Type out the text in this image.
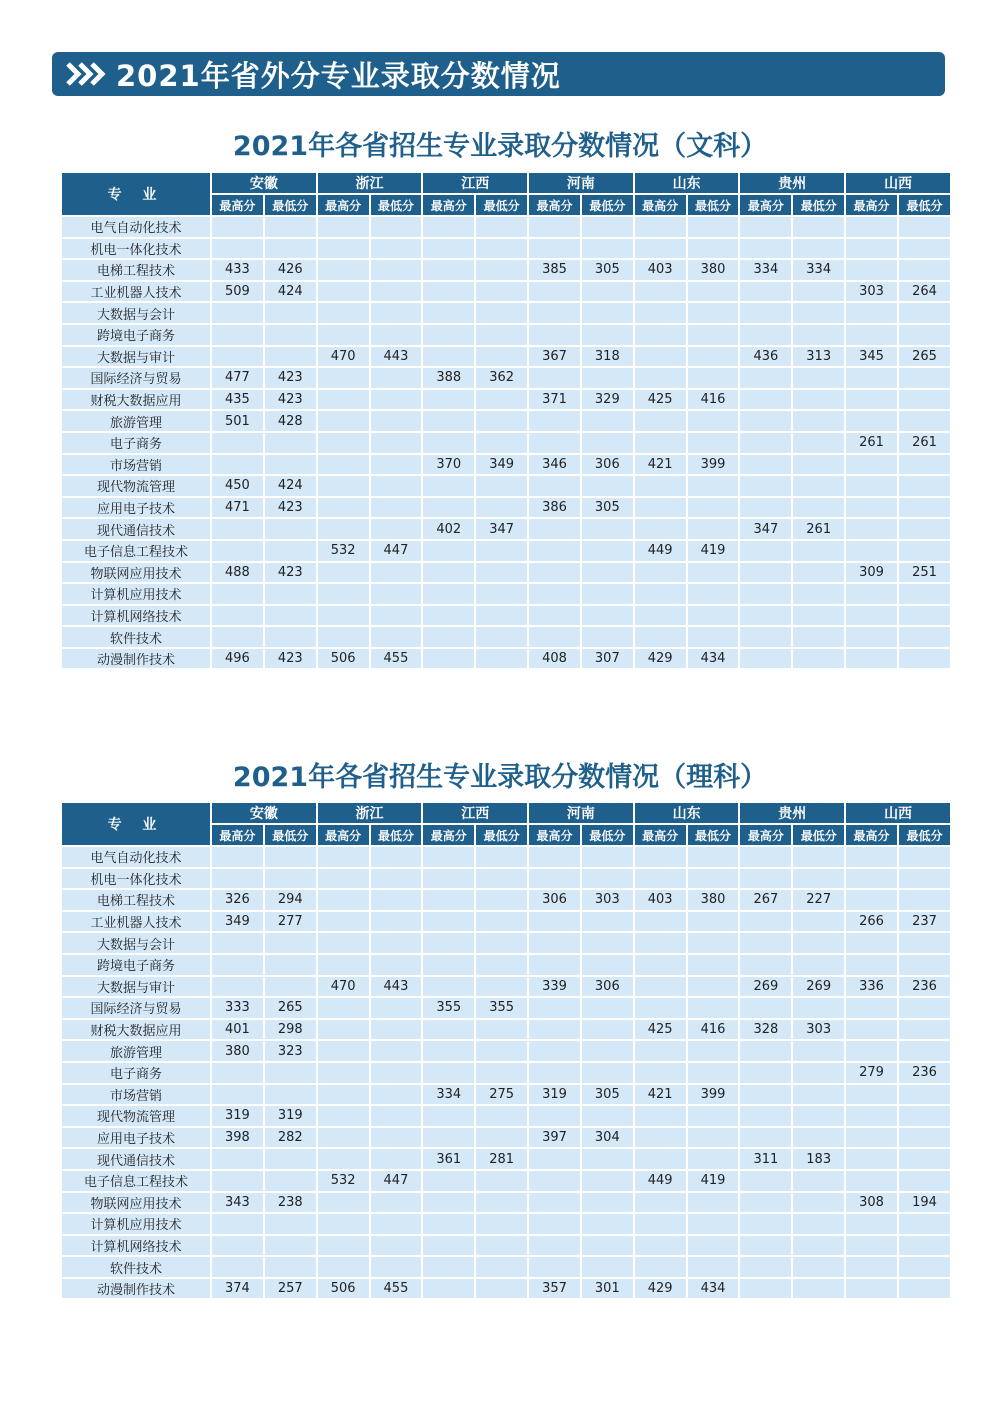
2021年省外分专业录取分数情况
2021年各省招生专业录取分数情况（文科）
专 业	安徽		浙江		江西		河南		山东		贵州		山西	
	最高分	最低分	最高分	最低分	最高分	最低分	最高分	最低分	最高分	最低分	最高分	最低分	最高分	最低分
电气自动化技术														
机电一体化技术														
电梯工程技术	433	426					385	305	403	380	334	334		
工业机器人技术	509	424											303	264
大数据与会计														
跨境电子商务														
大数据与审计			470	443			367	318			436	313	345	265
国际经济与贸易	477	423			388	362								
财税大数据应用	435	423					371	329	425	416				
旅游管理	501	428												
电子商务													261	261
市场营销					370	349	346	306	421	399				
现代物流管理	450	424												
应用电子技术	471	423					386	305						
现代通信技术					402	347					347	261		
电子信息工程技术			532	447					449	419				
物联网应用技术	488	423											309	251
计算机应用技术														
计算机网络技术														
软件技术														
动漫制作技术	496	423	506	455			408	307	429	434				
2021年各省招生专业录取分数情况（理科）
专 业	安徽		浙江		江西		河南		山东		贵州		山西	
	最高分	最低分	最高分	最低分	最高分	最低分	最高分	最低分	最高分	最低分	最高分	最低分	最高分	最低分
电气自动化技术														
机电一体化技术														
电梯工程技术	326	294					306	303	403	380	267	227		
工业机器人技术	349	277											266	237
大数据与会计														
跨境电子商务														
大数据与审计			470	443			339	306			269	269	336	236
国际经济与贸易	333	265			355	355								
财税大数据应用	401	298							425	416	328	303		
旅游管理	380	323												
电子商务													279	236
市场营销					334	275	319	305	421	399				
现代物流管理	319	319												
应用电子技术	398	282					397	304						
现代通信技术					361	281					311	183		
电子信息工程技术			532	447					449	419				
物联网应用技术	343	238											308	194
计算机应用技术														
计算机网络技术														
软件技术														
动漫制作技术	374	257	506	455			357	301	429	434				
